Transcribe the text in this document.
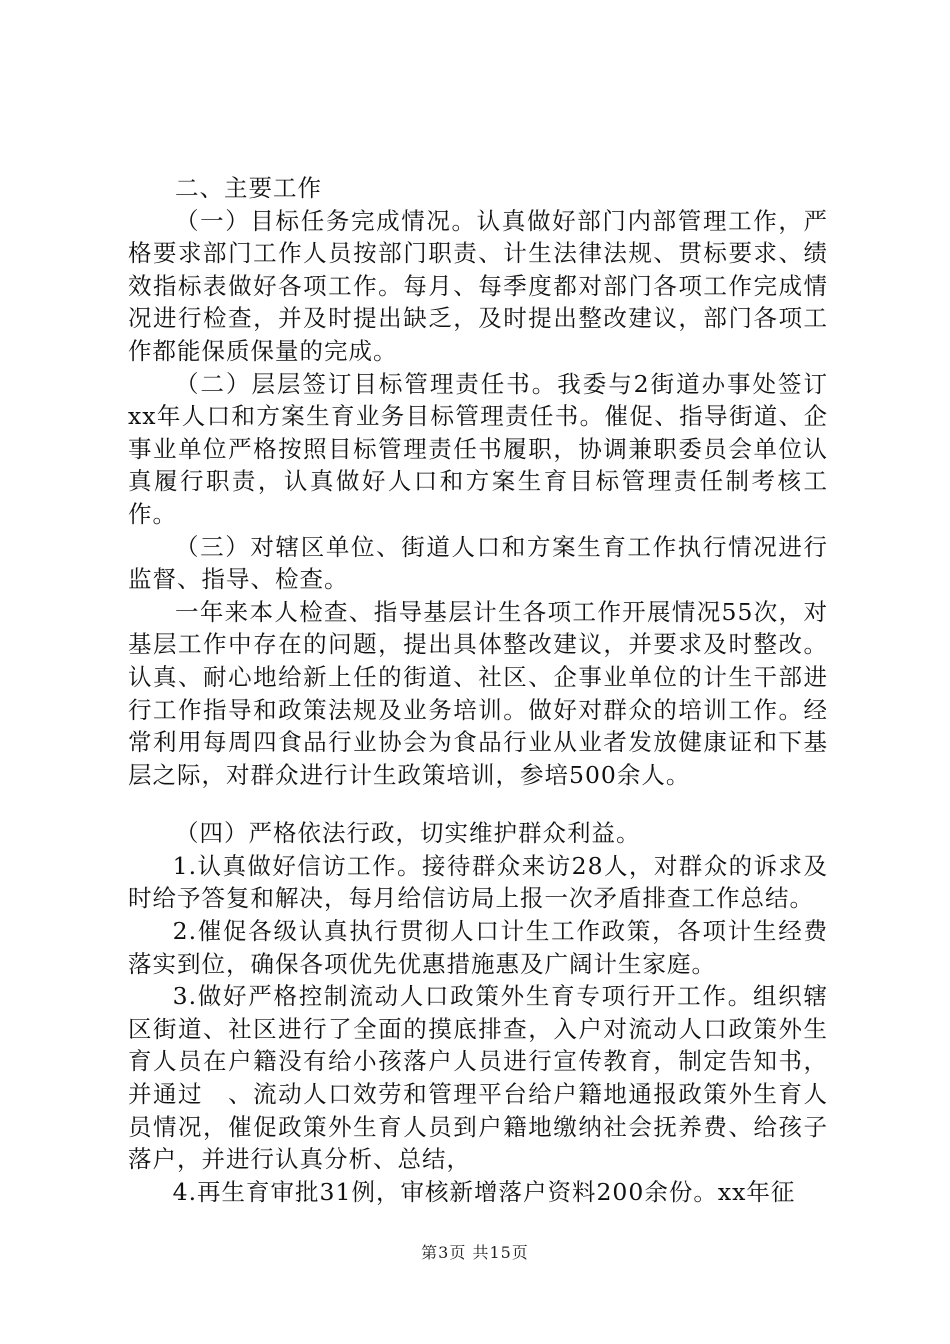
二、主要工作

（一）目标任务完成情况。认真做好部门内部管理工作，严格要求部门工作人员按部门职责、计生法律法规、贯标要求、绩效指标表做好各项工作。每月、每季度都对部门各项工作完成情况进行检查，并及时提出缺乏，及时提出整改建议，部门各项工作都能保质保量的完成。

（二）层层签订目标管理责任书。我委与2街道办事处签订xx年人口和方案生育业务目标管理责任书。催促、指导街道、企事业单位严格按照目标管理责任书履职，协调兼职委员会单位认真履行职责，认真做好人口和方案生育目标管理责任制考核工作。

（三）对辖区单位、街道人口和方案生育工作执行情况进行监督、指导、检查。

一年来本人检查、指导基层计生各项工作开展情况55次，对基层工作中存在的问题，提出具体整改建议，并要求及时整改。认真、耐心地给新上任的街道、社区、企事业单位的计生干部进行工作指导和政策法规及业务培训。做好对群众的培训工作。经常利用每周四食品行业协会为食品行业从业者发放健康证和下基层之际，对群众进行计生政策培训，参培500余人。

（四）严格依法行政，切实维护群众利益。

1.认真做好信访工作。接待群众来访28人，对群众的诉求及时给予答复和解决，每月给信访局上报一次矛盾排查工作总结。

2.催促各级认真执行贯彻人口计生工作政策，各项计生经费落实到位，确保各项优先优惠措施惠及广阔计生家庭。

3.做好严格控制流动人口政策外生育专项行开工作。组织辖区街道、社区进行了全面的摸底排查，入户对流动人口政策外生育人员在户籍没有给小孩落户人员进行宣传教育，制定告知书，并通过　、流动人口效劳和管理平台给户籍地通报政策外生育人员情况，催促政策外生育人员到户籍地缴纳社会抚养费、给孩子落户，并进行认真分析、总结，

4.再生育审批31例，审核新增落户资料200余份。xx年征

第3页 共15页
